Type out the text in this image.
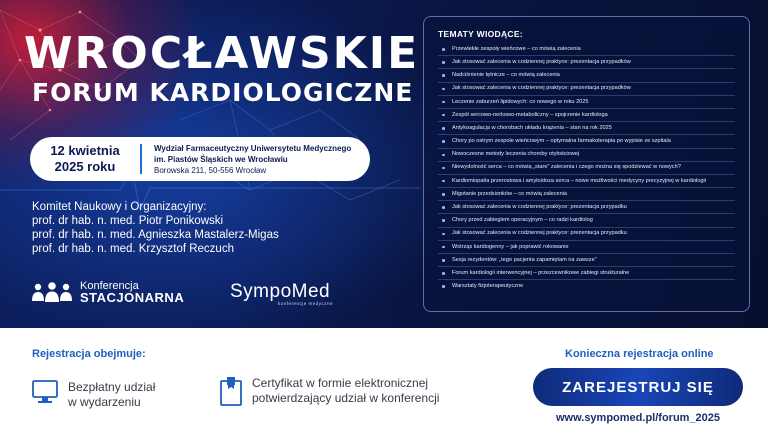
WROCŁAWSKIE
FORUM KARDIOLOGICZNE
12 kwietnia
2025 roku
Wydział Farmaceutyczny Uniwersytetu Medycznego
im. Piastów Śląskich we Wrocławiu
Borowska 211, 50-556 Wrocław
Komitet Naukowy i Organizacyjny:
prof. dr hab. n. med. Piotr Ponikowski
prof. dr hab. n. med. Agnieszka Mastalerz-Migas
prof. dr hab. n. med. Krzysztof Reczuch
Konferencja
STACJONARNA SympoMed
konferencje medyczne
TEMATY WIODĄCE:
Przewlekłe zespoły wieńcowe – co mówią zalecenia
Jak stosować zalecenia w codziennej praktyce: prezentacja przypadków
Nadciśnienie tętnicze – co mówią zalecenia
Jak stosować zalecenia w codziennej praktyce: prezentacja przypadków
Leczenie zaburzeń lipidowych: co nowego w roku 2025
Zespół sercowo-nerkowo-metaboliczny – spojrzenie kardiologa
Antykoagulacja w chorobach układu krążenia – stan na rok 2025
Chory po ostrym zespole wieńcowym – optymalna farmakoterapia po wypisie ze szpitala
Nowoczesne metody leczenia choroby otyłościowej
Niewydolność serca – co mówią „stare” zalecenia i czego można się spodziewać w nowych?
Kardiomiopatia przerostowa i amyloidoza serca – nowe możliwości medycyny precyzyjnej w kardiologii
Migotanie przedsionków – co mówią zalecenia
Jak stosować zalecenia w codziennej praktyce: prezentacja przypadku
Chory przed zabiegiem operacyjnym – co radzi kardiolog
Jak stosować zalecenia w codziennej praktyce: prezentacja przypadku
Wstrząs kardiogenny – jak poprawić rokowanie
Sesja rezydentów: „tego pacjenta zapamiętam na zawsze”
Forum kardiologii interwencyjnej – przezcewnikowe zabiegi strukturalne
Warsztaty fizjoterapeutyczne
Rejestracja obejmuje:
Bezpłatny udział
w wydarzeniu
Certyfikat w formie elektronicznej
potwierdzający udział w konferencji
Konieczna rejestracja online
ZAREJESTRUJ SIĘ
www.sympomed.pl/forum_2025
